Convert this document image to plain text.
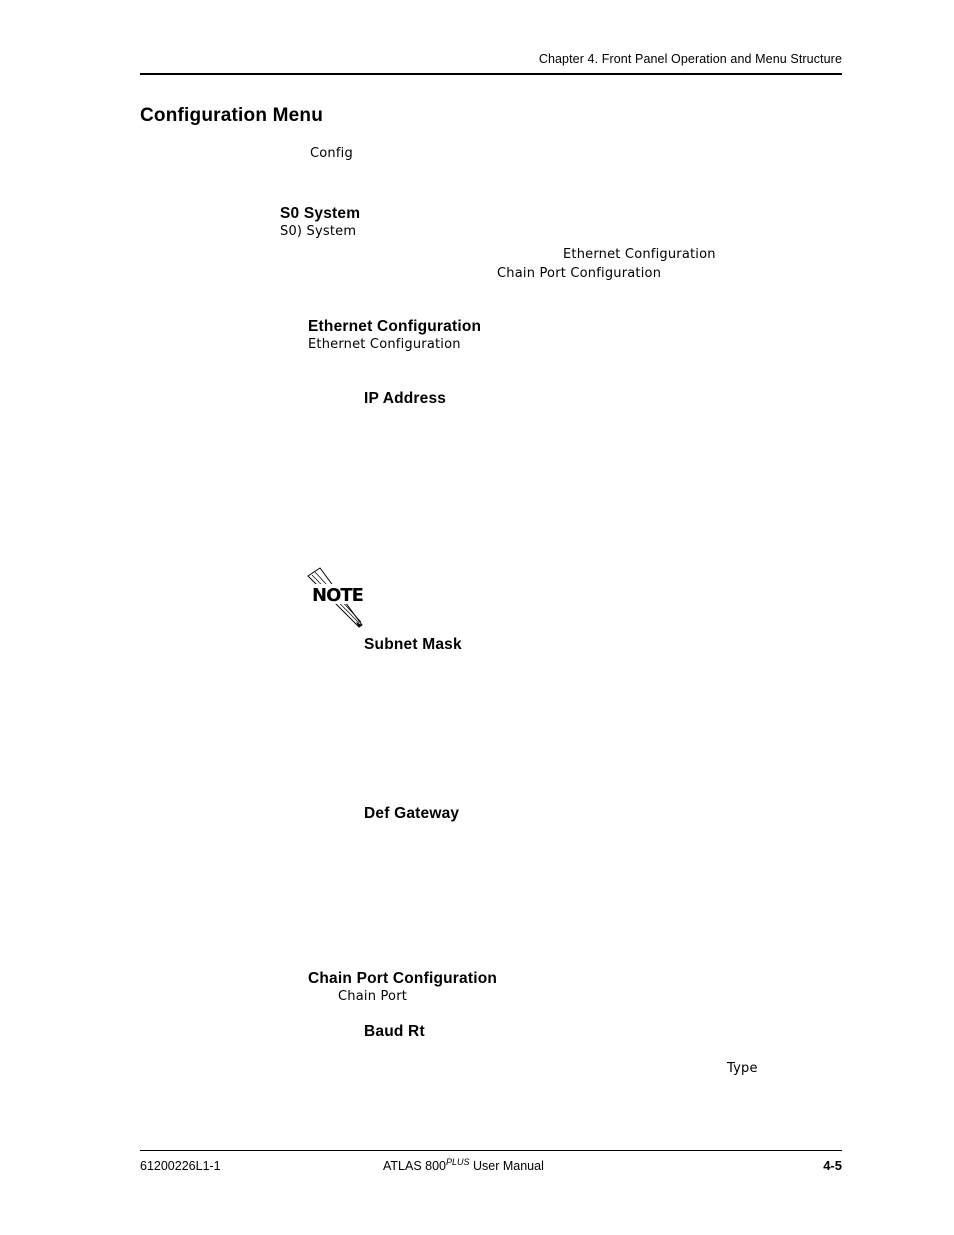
Chapter 4. Front Panel Operation and Menu Structure
Configuration Menu
Config
S0 System
S0) System
Ethernet Configuration
Chain Port Configuration
Ethernet Configuration
Ethernet Configuration
IP Address
NOTE
Subnet Mask
Def Gateway
Chain Port Configuration
Chain Port
Baud Rt
Type
61200226L1-1	ATLAS $800^{PLUS}$ User Manual	4-5
